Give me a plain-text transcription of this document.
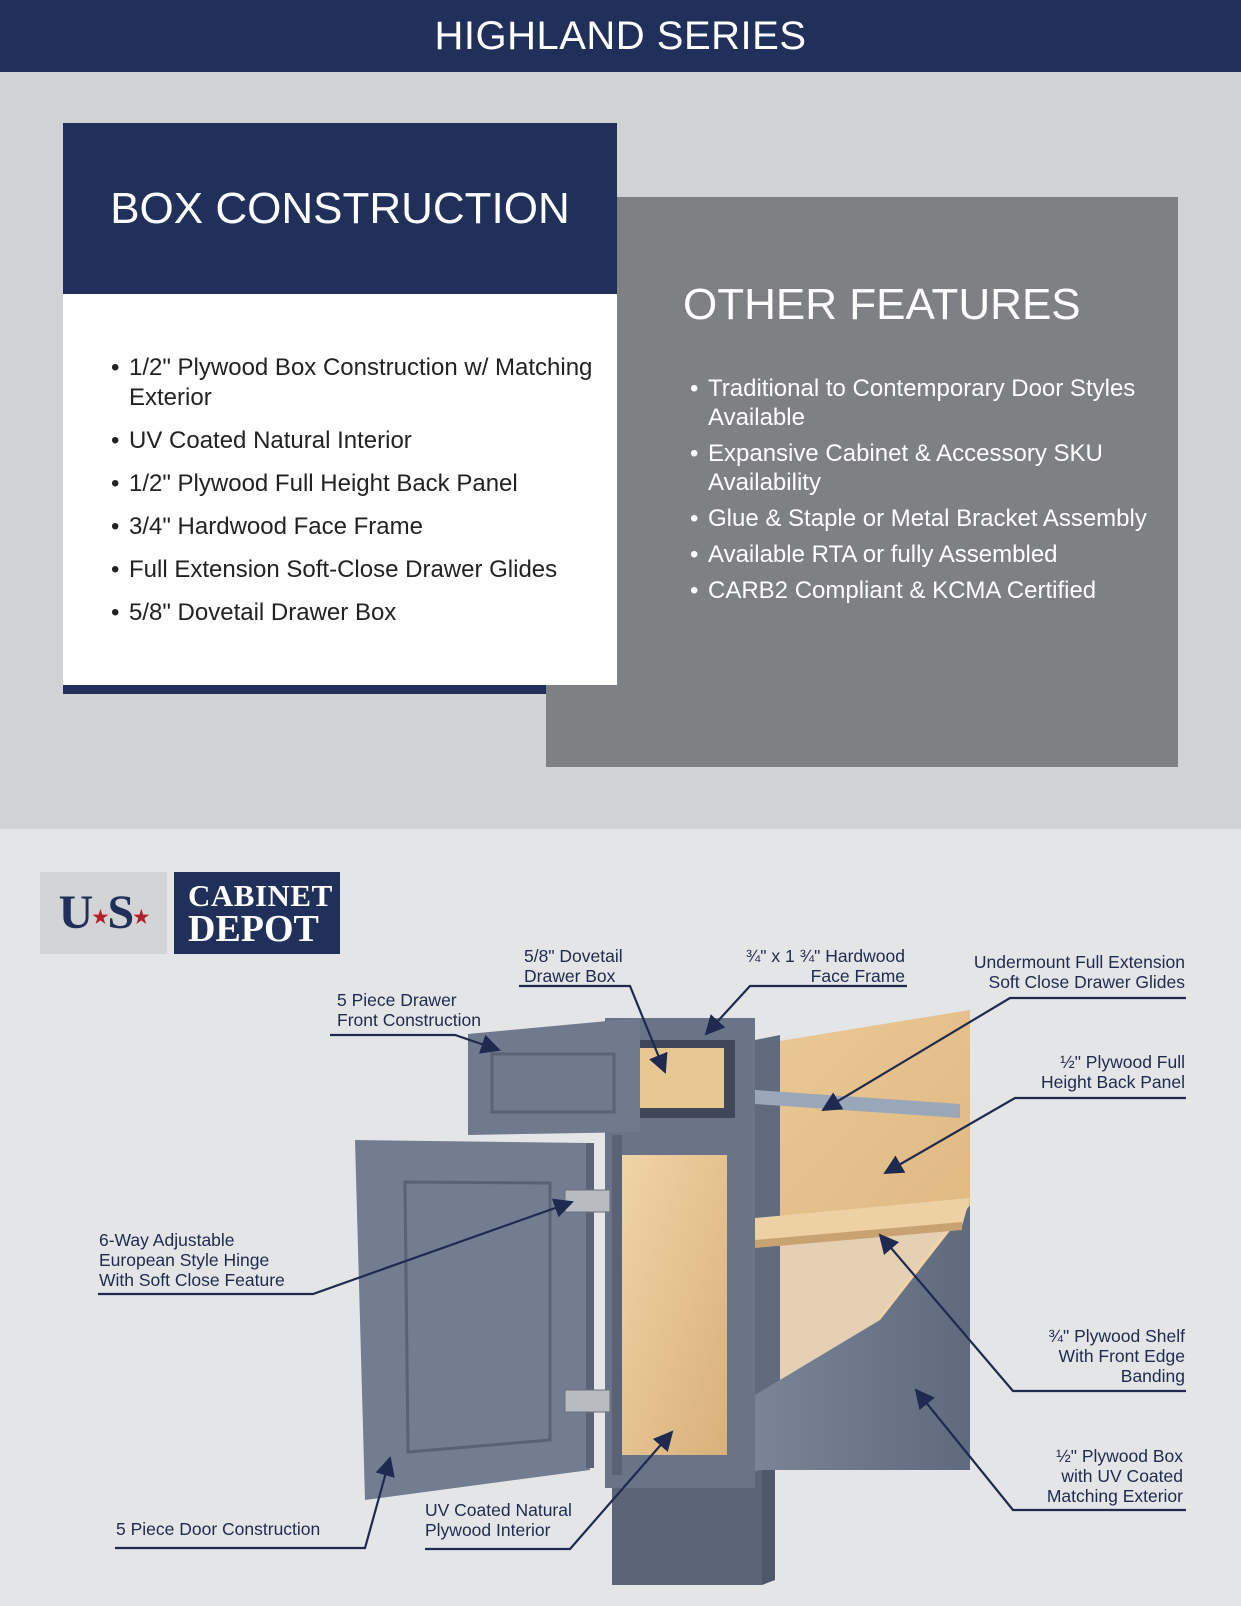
HIGHLAND SERIES
OTHER FEATURES
• Traditional to Contemporary Door Styles Available
• Expansive Cabinet & Accessory SKU Availability
• Glue & Staple or Metal Bracket Assembly
• Available RTA or fully Assembled
• CARB2 Compliant & KCMA Certified
BOX CONSTRUCTION
• 1/2" Plywood Box Construction w/ Matching Exterior
• UV Coated Natural Interior
• 1/2" Plywood Full Height Back Panel
• 3/4" Hardwood Face Frame
• Full Extension Soft-Close Drawer Glides
• 5/8" Dovetail Drawer Box
U★S★
CABINET
DEPOT
5/8" Dovetail
Drawer Box
¾" x 1 ¾" Hardwood
Face Frame
Undermount Full Extension
Soft Close Drawer Glides
5 Piece Drawer
Front Construction
½" Plywood Full
Height Back Panel
6-Way Adjustable
European Style Hinge
With Soft Close Feature
¾" Plywood Shelf
With Front Edge
Banding
½" Plywood Box
with UV Coated
Matching Exterior
5 Piece Door Construction
UV Coated Natural
Plywood Interior
